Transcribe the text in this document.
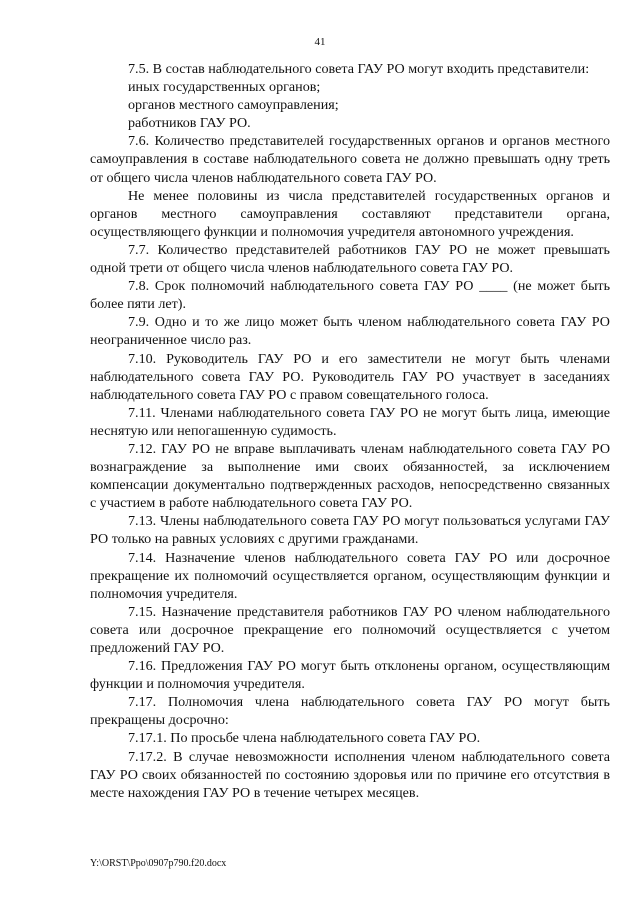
41

7.5. В состав наблюдательного совета ГАУ РО могут входить представители:

иных государственных органов;

органов местного самоуправления;

работников ГАУ РО.

7.6. Количество представителей государственных органов и органов местного самоуправления в составе наблюдательного совета не должно превышать одну треть от общего числа членов наблюдательного совета ГАУ РО.

Не менее половины из числа представителей государственных органов и органов местного самоуправления составляют представители органа, осуществляющего функции и полномочия учредителя автономного учреждения.

7.7. Количество представителей работников ГАУ РО не может превышать одной трети от общего числа членов наблюдательного совета ГАУ РО.

7.8. Срок полномочий наблюдательного совета ГАУ РО ____ (не может быть более пяти лет).

7.9. Одно и то же лицо может быть членом наблюдательного совета ГАУ РО неограниченное число раз.

7.10. Руководитель ГАУ РО и его заместители не могут быть членами наблюдательного совета ГАУ РО. Руководитель ГАУ РО участвует в заседаниях наблюдательного совета ГАУ РО с правом совещательного голоса.

7.11. Членами наблюдательного совета ГАУ РО не могут быть лица, имеющие неснятую или непогашенную судимость.

7.12. ГАУ РО не вправе выплачивать членам наблюдательного совета ГАУ РО вознаграждение за выполнение ими своих обязанностей, за исключением компенсации документально подтвержденных расходов, непосредственно связанных с участием в работе наблюдательного совета ГАУ РО.

7.13. Члены наблюдательного совета ГАУ РО могут пользоваться услугами ГАУ РО только на равных условиях с другими гражданами.

7.14. Назначение членов наблюдательного совета ГАУ РО или досрочное прекращение их полномочий осуществляется органом, осуществляющим функции и полномочия учредителя.

7.15. Назначение представителя работников ГАУ РО членом наблюдательного совета или досрочное прекращение его полномочий осуществляется с учетом предложений ГАУ РО.

7.16. Предложения ГАУ РО могут быть отклонены органом, осуществляющим функции и полномочия учредителя.

7.17. Полномочия члена наблюдательного совета ГАУ РО могут быть прекращены досрочно:

7.17.1. По просьбе члена наблюдательного совета ГАУ РО.

7.17.2. В случае невозможности исполнения членом наблюдательного совета ГАУ РО своих обязанностей по состоянию здоровья или по причине его отсутствия в месте нахождения ГАУ РО в течение четырех месяцев.

Y:\ORST\Ppo\0907p790.f20.docx
